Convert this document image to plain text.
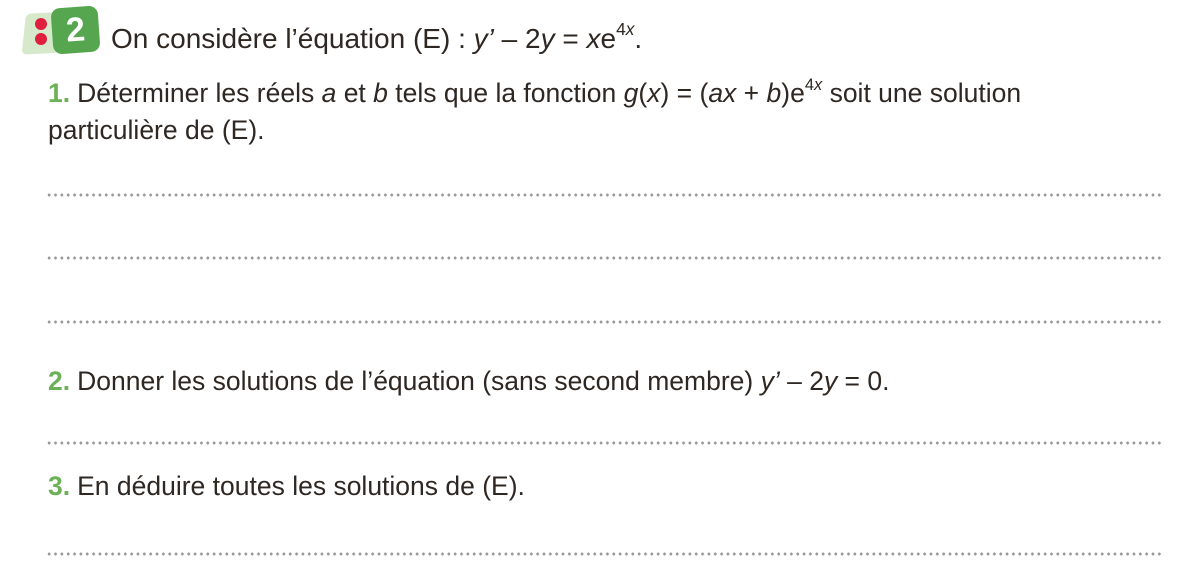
2 On considère l’équation (E) : y’ – $2y = xe^{4x}$.
1. Déterminer les réels a et b tels que la fonction $g(x) = (ax + b)e^{4x}$ soit une solution
particulière de (E).
2. Donner les solutions de l’équation (sans second membre) y’ – 2y = 0.
3. En déduire toutes les solutions de (E).
